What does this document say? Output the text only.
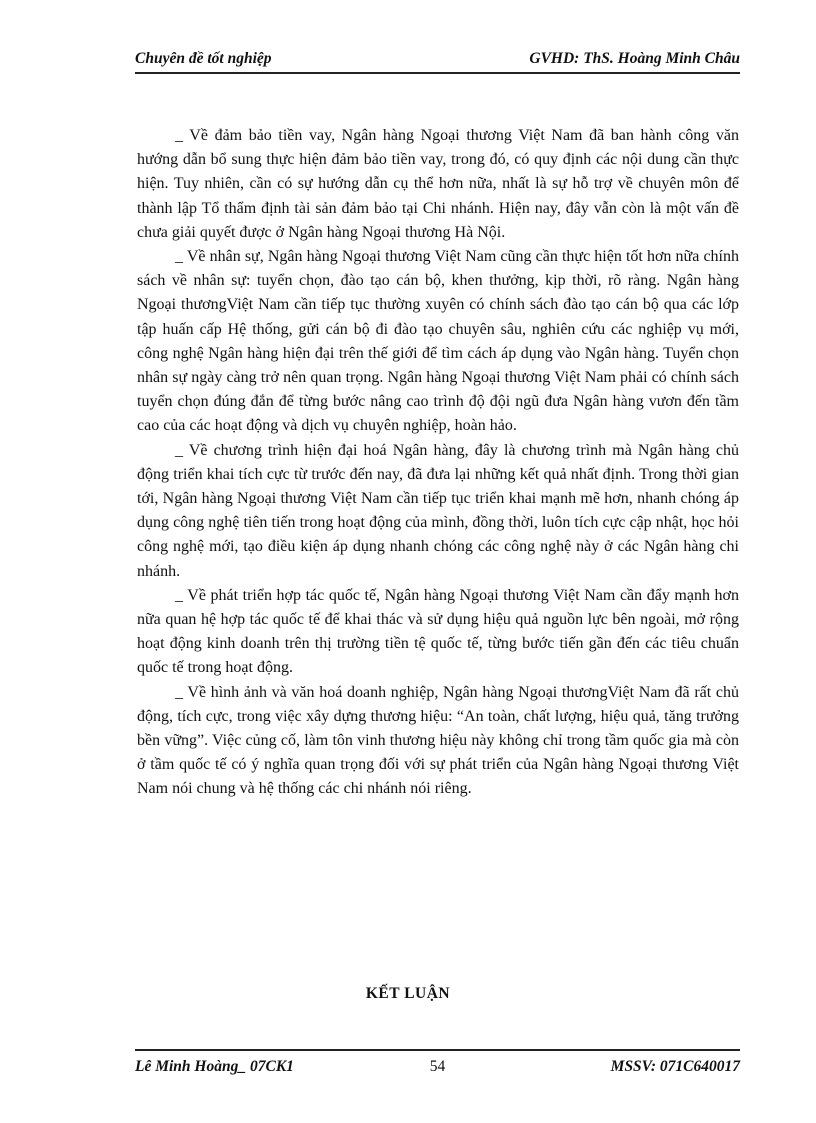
Chuyên đề tốt nghiệp	GVHD: ThS. Hoàng Minh Châu

_ Về đảm bảo tiền vay, Ngân hàng Ngoại thương Việt Nam đã ban hành công văn hướng dẫn bổ sung thực hiện đảm bảo tiền vay, trong đó, có quy định các nội dung cần thực hiện. Tuy nhiên, cần có sự hướng dẫn cụ thể hơn nữa, nhất là sự hỗ trợ về chuyên môn để thành lập Tổ thẩm định tài sản đảm bảo tại Chi nhánh. Hiện nay, đây vẫn còn là một vấn đề chưa giải quyết được ở Ngân hàng Ngoại thương Hà Nội.

_ Về nhân sự, Ngân hàng Ngoại thương Việt Nam cũng cần thực hiện tốt hơn nữa chính sách về nhân sự: tuyển chọn, đào tạo cán bộ, khen thưởng, kịp thời, rõ ràng. Ngân hàng Ngoại thươngViệt Nam cần tiếp tục thường xuyên có chính sách đào tạo cán bộ qua các lớp tập huấn cấp Hệ thống, gửi cán bộ đi đào tạo chuyên sâu, nghiên cứu các nghiệp vụ mới, công nghệ Ngân hàng hiện đại trên thế giới để tìm cách áp dụng vào Ngân hàng. Tuyển chọn nhân sự ngày càng trở nên quan trọng. Ngân hàng Ngoại thương Việt Nam phải có chính sách tuyển chọn đúng đắn để từng bước nâng cao trình độ đội ngũ đưa Ngân hàng vươn đến tầm cao của các hoạt động và dịch vụ chuyên nghiệp, hoàn hảo.

_ Về chương trình hiện đại hoá Ngân hàng, đây là chương trình mà Ngân hàng chủ động triển khai tích cực từ trước đến nay, đã đưa lại những kết quả nhất định. Trong thời gian tới, Ngân hàng Ngoại thương Việt Nam cần tiếp tục triển khai mạnh mẽ hơn, nhanh chóng áp dụng công nghệ tiên tiến trong hoạt động của mình, đồng thời, luôn tích cực cập nhật, học hỏi công nghệ mới, tạo điều kiện áp dụng nhanh chóng các công nghệ này ở các Ngân hàng chi nhánh.

_ Về phát triển hợp tác quốc tế, Ngân hàng Ngoại thương Việt Nam cần đẩy mạnh hơn nữa quan hệ hợp tác quốc tế để khai thác và sử dụng hiệu quả nguồn lực bên ngoài, mở rộng hoạt động kinh doanh trên thị trường tiền tệ quốc tế, từng bước tiến gần đến các tiêu chuẩn quốc tế trong hoạt động.

_ Về hình ảnh và văn hoá doanh nghiệp, Ngân hàng Ngoại thươngViệt Nam đã rất chủ động, tích cực, trong việc xây dựng thương hiệu: “An toàn, chất lượng, hiệu quả, tăng trưởng bền vững”. Việc củng cố, làm tôn vinh thương hiệu này không chỉ trong tầm quốc gia mà còn ở tầm quốc tế có ý nghĩa quan trọng đối với sự phát triển của Ngân hàng Ngoại thương Việt Nam nói chung và hệ thống các chi nhánh nói riêng.

KẾT LUẬN
Lê Minh Hoàng_ 07CK1	54	MSSV: 071C640017
